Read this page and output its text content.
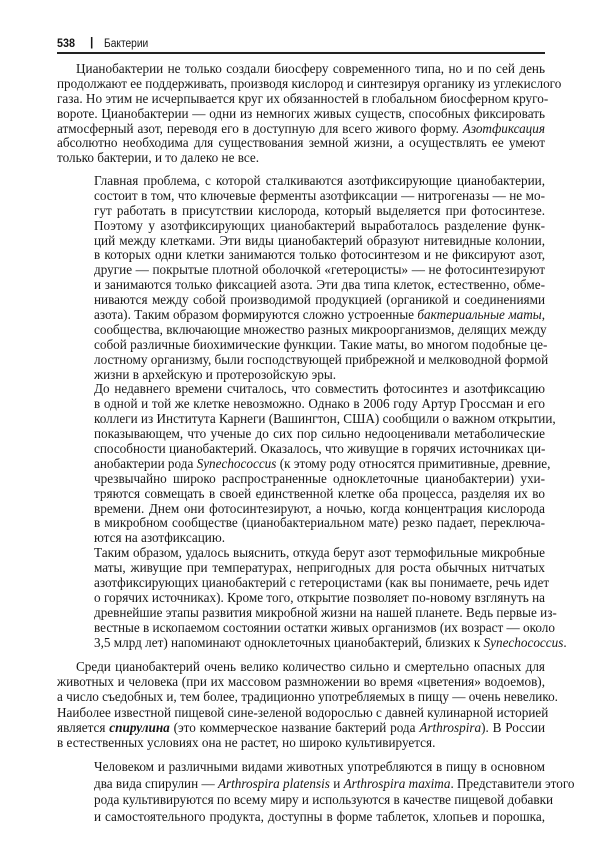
538 | Бактерии
Цианобактерии не только создали биосферу современного типа, но и по сей день
продолжают ее поддерживать, производя кислород и синтезируя органику из углекислого
газа. Но этим не исчерпывается круг их обязанностей в глобальном биосферном круго-
вороте. Цианобактерии — одни из немногих живых существ, способных фиксировать
атмосферный азот, переводя его в доступную для всего живого форму. Азотфиксация
абсолютно необходима для существования земной жизни, а осуществлять ее умеют
только бактерии, и то далеко не все.
Главная проблема, с которой сталкиваются азотфиксирующие цианобактерии,
состоит в том, что ключевые ферменты азотфиксации — нитрогеназы — не мо-
гут работать в присутствии кислорода, который выделяется при фотосинтезе.
Поэтому у азотфиксирующих цианобактерий выработалось разделение функ-
ций между клетками. Эти виды цианобактерий образуют нитевидные колонии,
в которых одни клетки занимаются только фотосинтезом и не фиксируют азот,
другие — покрытые плотной оболочкой «гетероцисты» — не фотосинтезируют
и занимаются только фиксацией азота. Эти два типа клеток, естественно, обме-
ниваются между собой производимой продукцией (органикой и соединениями
азота). Таким образом формируются сложно устроенные бактериальные маты,
сообщества, включающие множество разных микроорганизмов, делящих между
собой различные биохимические функции. Такие маты, во многом подобные це-
лостному организму, были господствующей прибрежной и мелководной формой
жизни в архейскую и протерозойскую эры.
До недавнего времени считалось, что совместить фотосинтез и азотфиксацию
в одной и той же клетке невозможно. Однако в 2006 году Артур Гроссман и его
коллеги из Института Карнеги (Вашингтон, США) сообщили о важном открытии,
показывающем, что ученые до сих пор сильно недооценивали метаболические
способности цианобактерий. Оказалось, что живущие в горячих источниках ци-
анобактерии рода Synechococcus (к этому роду относятся примитивные, древние,
чрезвычайно широко распространенные одноклеточные цианобактерии) ухи-
тряются совмещать в своей единственной клетке оба процесса, разделяя их во
времени. Днем они фотосинтезируют, а ночью, когда концентрация кислорода
в микробном сообществе (цианобактериальном мате) резко падает, переключа-
ются на азотфиксацию.
Таким образом, удалось выяснить, откуда берут азот термофильные микробные
маты, живущие при температурах, непригодных для роста обычных нитчатых
азотфиксирующих цианобактерий с гетероцистами (как вы понимаете, речь идет
о горячих источниках). Кроме того, открытие позволяет по-новому взглянуть на
древнейшие этапы развития микробной жизни на нашей планете. Ведь первые из-
вестные в ископаемом состоянии остатки живых организмов (их возраст — около
3,5 млрд лет) напоминают одноклеточных цианобактерий, близких к Synechococcus.
Среди цианобактерий очень велико количество сильно и смертельно опасных для
животных и человека (при их массовом размножении во время «цветения» водоемов),
а число съедобных и, тем более, традиционно употребляемых в пищу — очень невелико.
Наиболее известной пищевой сине-зеленой водорослью с давней кулинарной историей
является спирулина (это коммерческое название бактерий рода Arthrospira). В России
в естественных условиях она не растет, но широко культивируется.
Человеком и различными видами животных употребляются в пищу в основном
два вида спирулин — Arthrospira platensis и Arthrospira maxima. Представители этого
рода культивируются по всему миру и используются в качестве пищевой добавки
и самостоятельного продукта, доступны в форме таблеток, хлопьев и порошка,
